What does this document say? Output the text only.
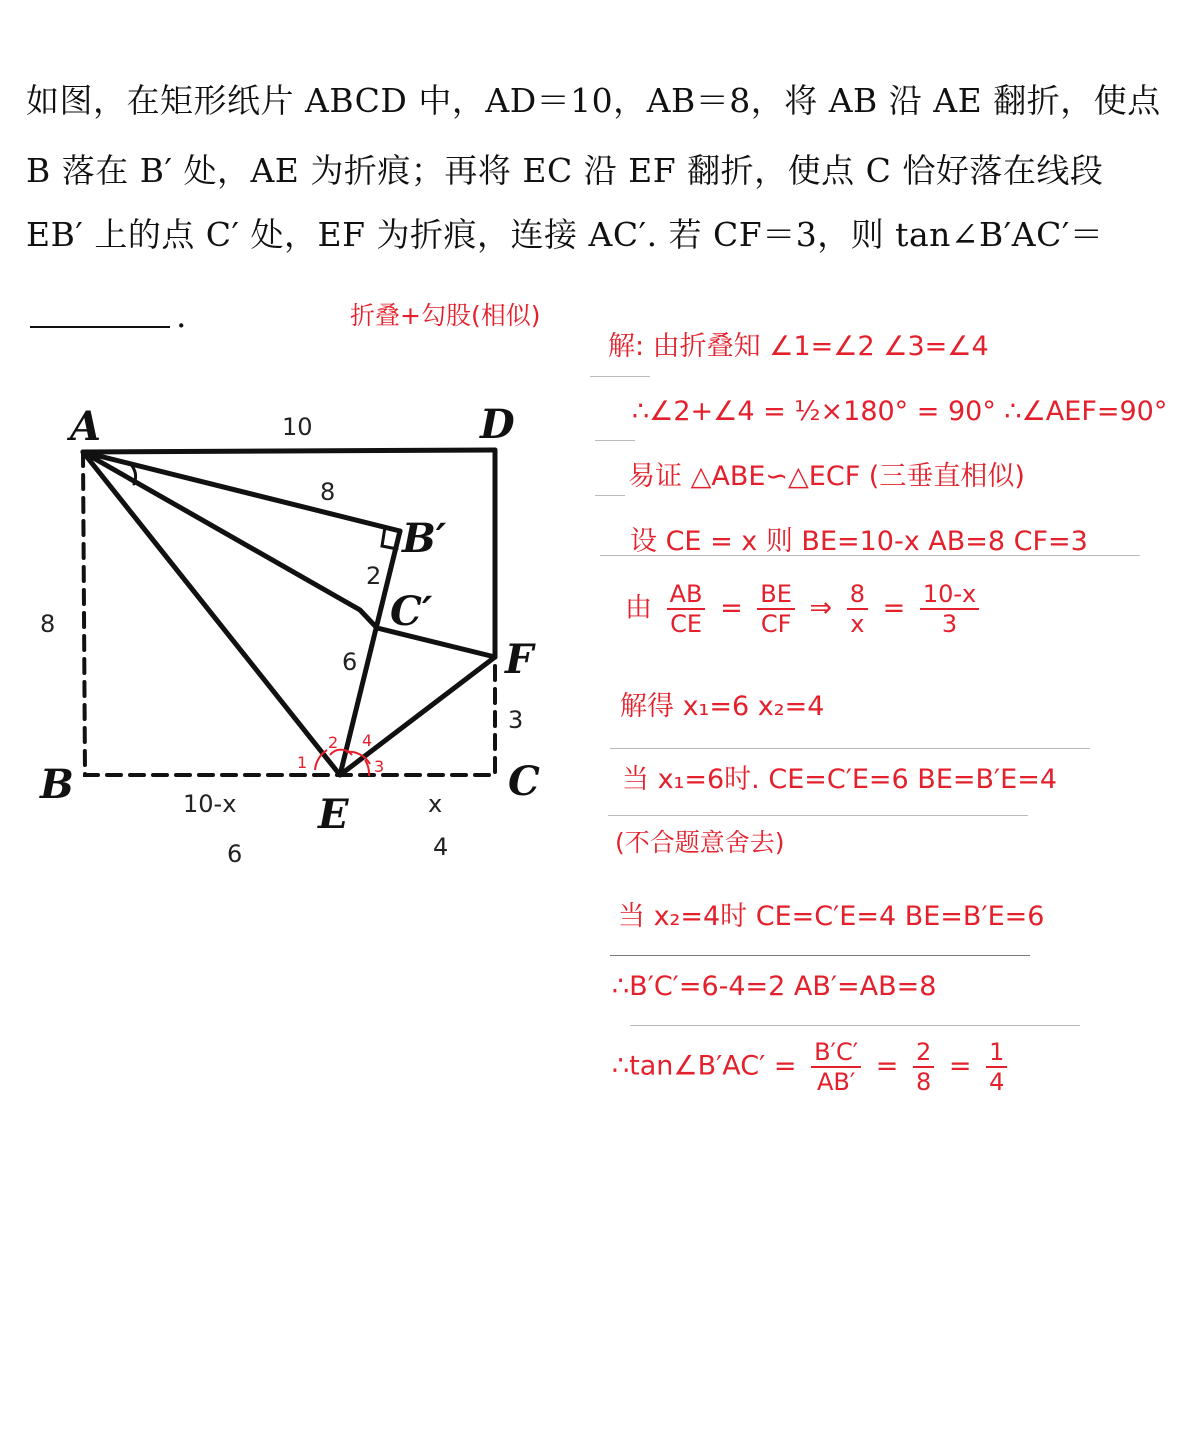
如图，在矩形纸片 ABCD 中，AD＝10，AB＝8，将 AB 沿 AE 翻折，使点
B 落在 B′ 处，AE 为折痕；再将 EC 沿 EF 翻折，使点 C 恰好落在线段
EB′ 上的点 C′ 处，EF 为折痕，连接 AC′. 若 CF＝3，则 tan∠B′AC′＝
.	折叠+勾股(相似)
A	D
B	C
E
F
B′
C′
10
8
8
2
6
3
10-x	x
6	4
1
2
3
4
解: 由折叠知 ∠1=∠2 ∠3=∠4
∴∠2+∠4 = ½×180° = 90° ∴∠AEF=90°
易证 △ABE∽△ECF (三垂直相似)
设 CE = x 则 BE=10-x AB=8 CF=3
由 $\frac{AB}{CE} = \frac{BE}{CF}$ ⇒ $\frac{8}{x} = \frac{10-x}{3}$
解得 x₁=6 x₂=4
当 x₁=6时. CE=C′E=6 BE=B′E=4
(不合题意舍去)
当 x₂=4时 CE=C′E=4 BE=B′E=6
∴B′C′=6-4=2 AB′=AB=8
∴tan∠B′AC′ = $\frac{B'C'}{AB'} = \frac{2}{8} = \frac{1}{4}$
